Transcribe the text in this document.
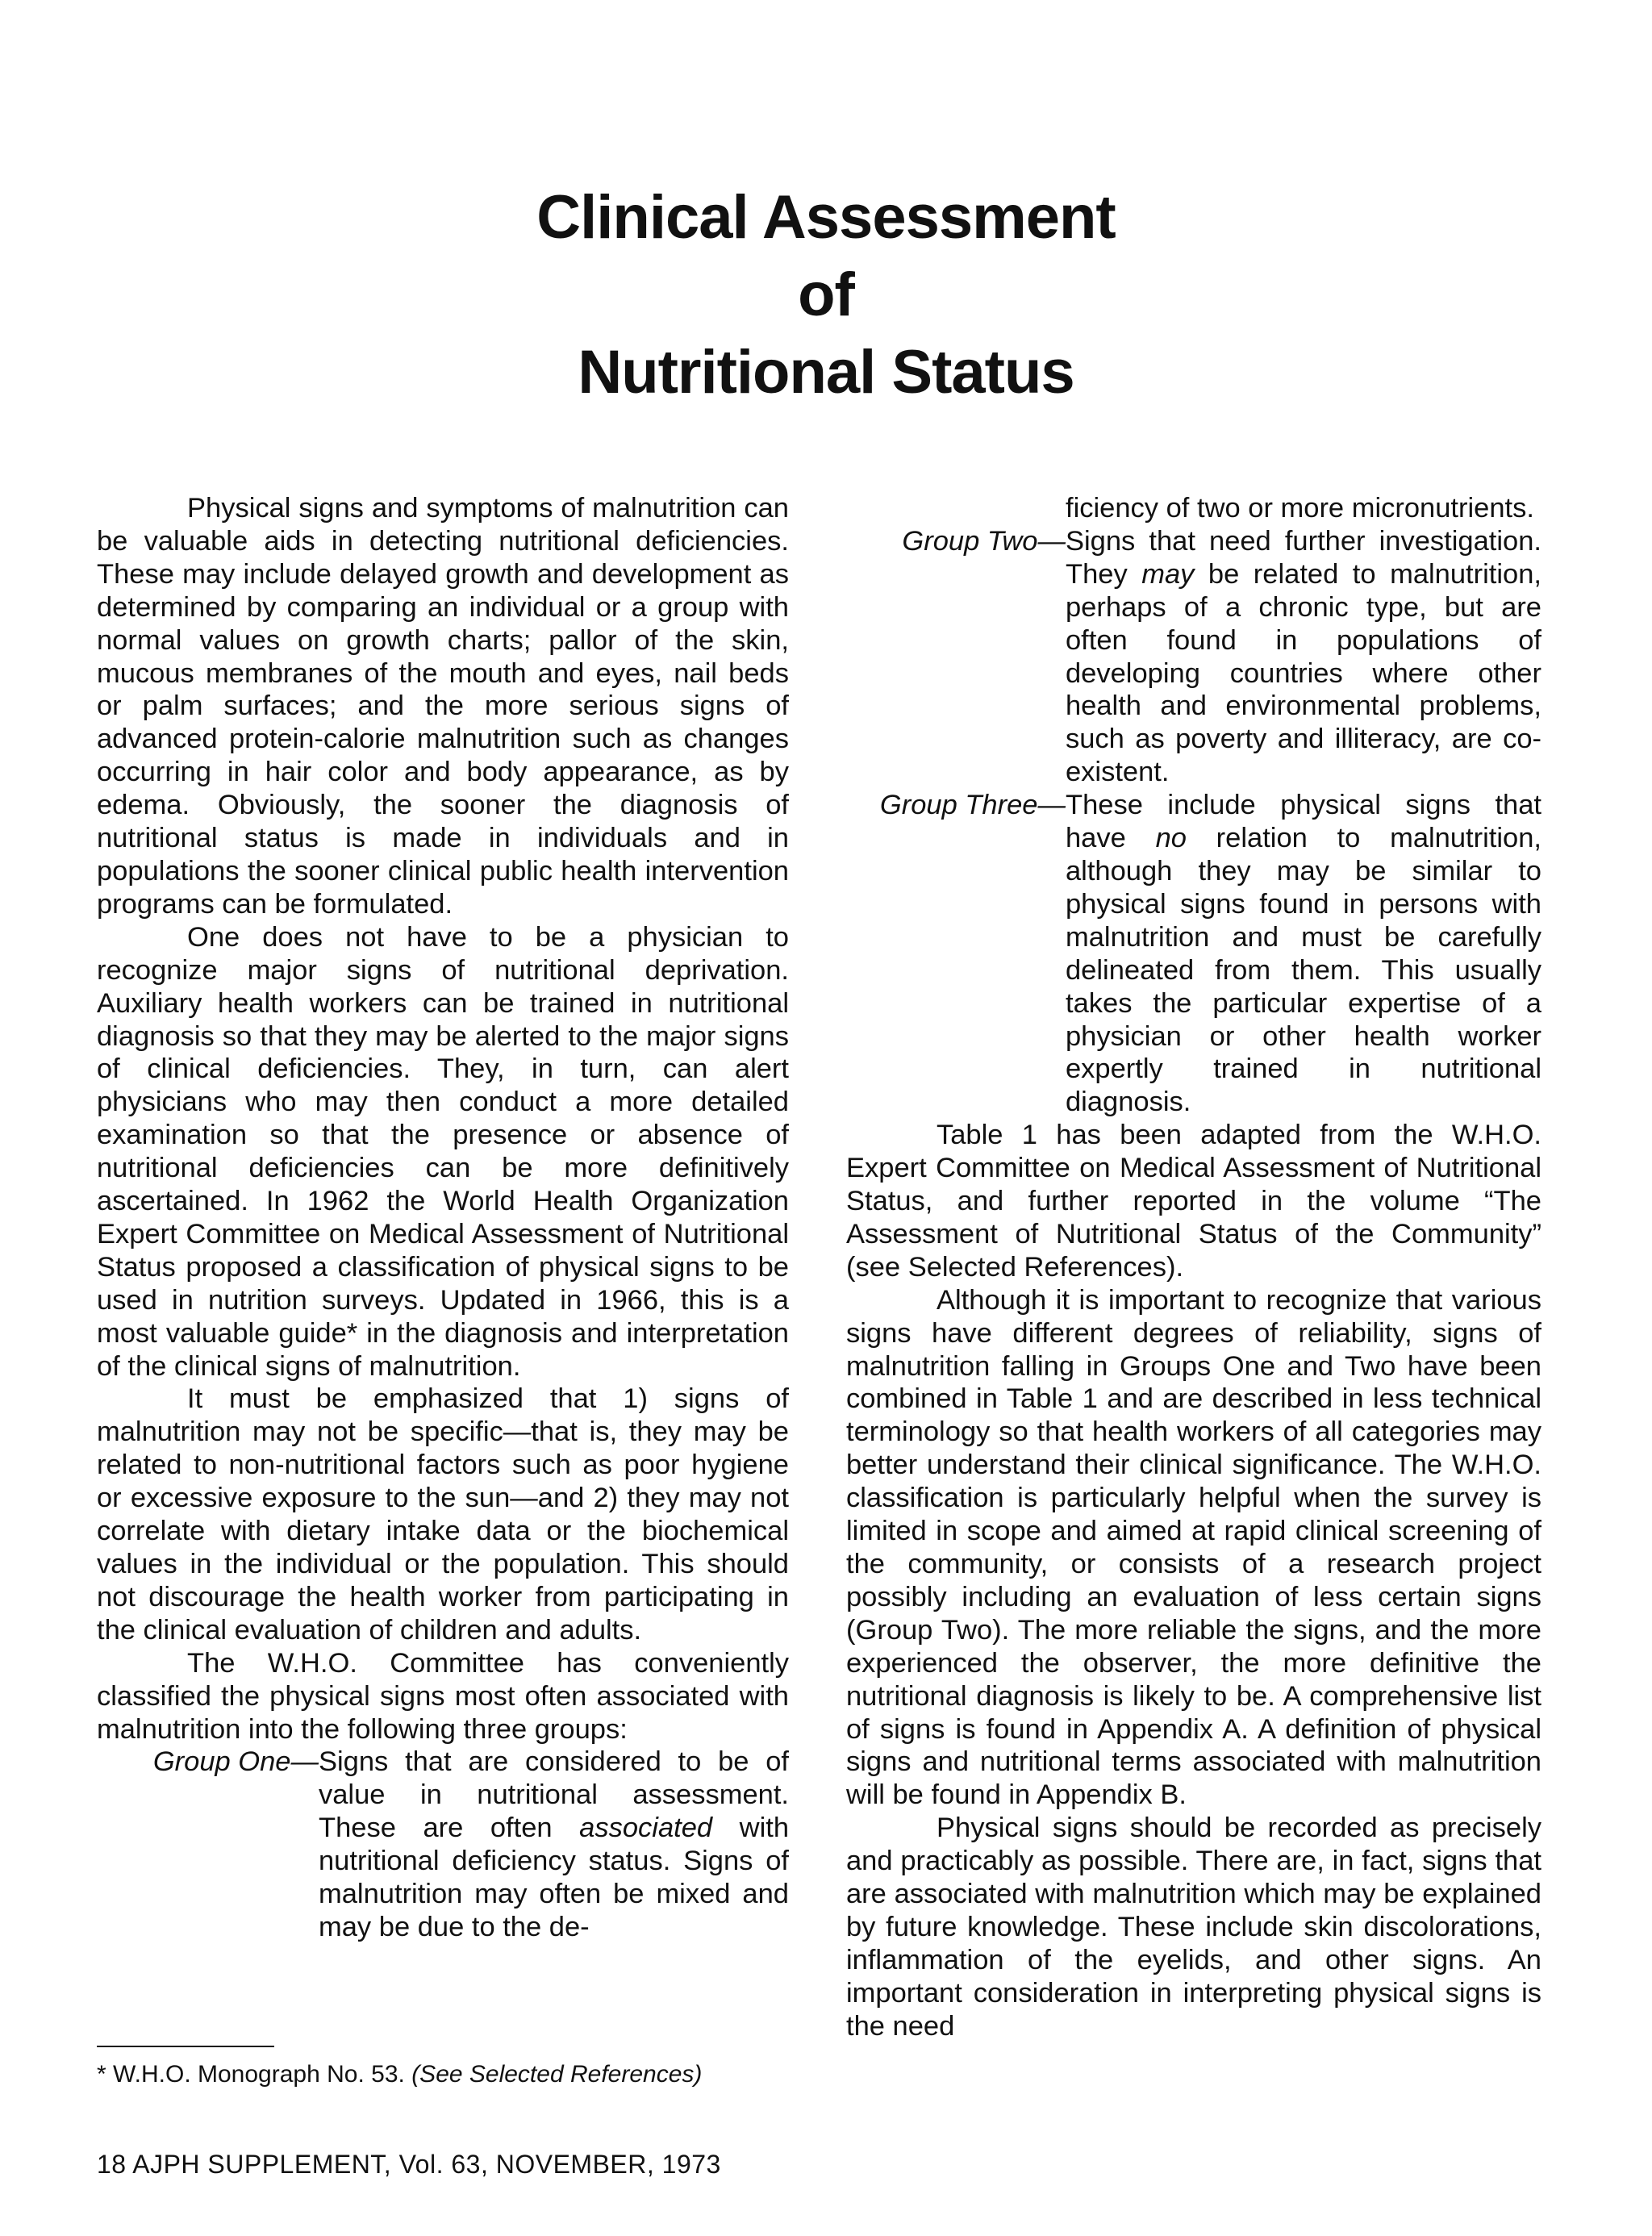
Clinical Assessment
of
Nutritional Status

Physical signs and symptoms of malnutrition can be valuable aids in detecting nutritional deficiencies. These may include delayed growth and development as determined by comparing an individual or a group with normal values on growth charts; pallor of the skin, mucous membranes of the mouth and eyes, nail beds or palm surfaces; and the more serious signs of advanced protein-calorie malnutrition such as changes occurring in hair color and body appearance, as by edema. Obviously, the sooner the diagnosis of nutritional status is made in individuals and in populations the sooner clinical public health intervention programs can be formulated.

One does not have to be a physician to recognize major signs of nutritional deprivation. Auxiliary health workers can be trained in nutritional diagnosis so that they may be alerted to the major signs of clinical deficiencies. They, in turn, can alert physicians who may then conduct a more detailed examination so that the presence or absence of nutritional deficiencies can be more definitively ascertained. In 1962 the World Health Organization Expert Committee on Medical Assessment of Nutritional Status proposed a classification of physical signs to be used in nutrition surveys. Updated in 1966, this is a most valuable guide* in the diagnosis and interpretation of the clinical signs of malnutrition.

It must be emphasized that 1) signs of malnutrition may not be specific—that is, they may be related to non-nutritional factors such as poor hygiene or excessive exposure to the sun—and 2) they may not correlate with dietary intake data or the biochemical values in the individual or the population. This should not discourage the health worker from participating in the clinical evaluation of children and adults.

The W.H.O. Committee has conveniently classified the physical signs most often associated with malnutrition into the following three groups:

Group One— Signs that are considered to be of value in nutritional assessment. These are often associated with nutritional deficiency status. Signs of malnutrition may often be mixed and may be due to the de-
* W.H.O. Monograph No. 53. (See Selected References)
18 AJPH SUPPLEMENT, Vol. 63, NOVEMBER, 1973

ficiency of two or more micronutrients.

Group Two— Signs that need further investigation. They may be related to malnutrition, perhaps of a chronic type, but are often found in populations of developing countries where other health and environmental problems, such as poverty and illiteracy, are co-existent.
Group Three— These include physical signs that have no relation to malnutrition, although they may be similar to physical signs found in persons with malnutrition and must be carefully delineated from them. This usually takes the particular expertise of a physician or other health worker expertly trained in nutritional diagnosis.

Table 1 has been adapted from the W.H.O. Expert Committee on Medical Assessment of Nutritional Status, and further reported in the volume “The Assessment of Nutritional Status of the Community” (see Selected References).

Although it is important to recognize that various signs have different degrees of reliability, signs of malnutrition falling in Groups One and Two have been combined in Table 1 and are described in less technical terminology so that health workers of all categories may better understand their clinical significance. The W.H.O. classification is particularly helpful when the survey is limited in scope and aimed at rapid clinical screening of the community, or consists of a research project possibly including an evaluation of less certain signs (Group Two). The more reliable the signs, and the more experienced the observer, the more definitive the nutritional diagnosis is likely to be. A comprehensive list of signs is found in Appendix A. A definition of physical signs and nutritional terms associated with malnutrition will be found in Appendix B.

Physical signs should be recorded as precisely and practicably as possible. There are, in fact, signs that are associated with malnutrition which may be explained by future knowledge. These include skin discolorations, inflammation of the eyelids, and other signs. An important consideration in interpreting physical signs is the need
